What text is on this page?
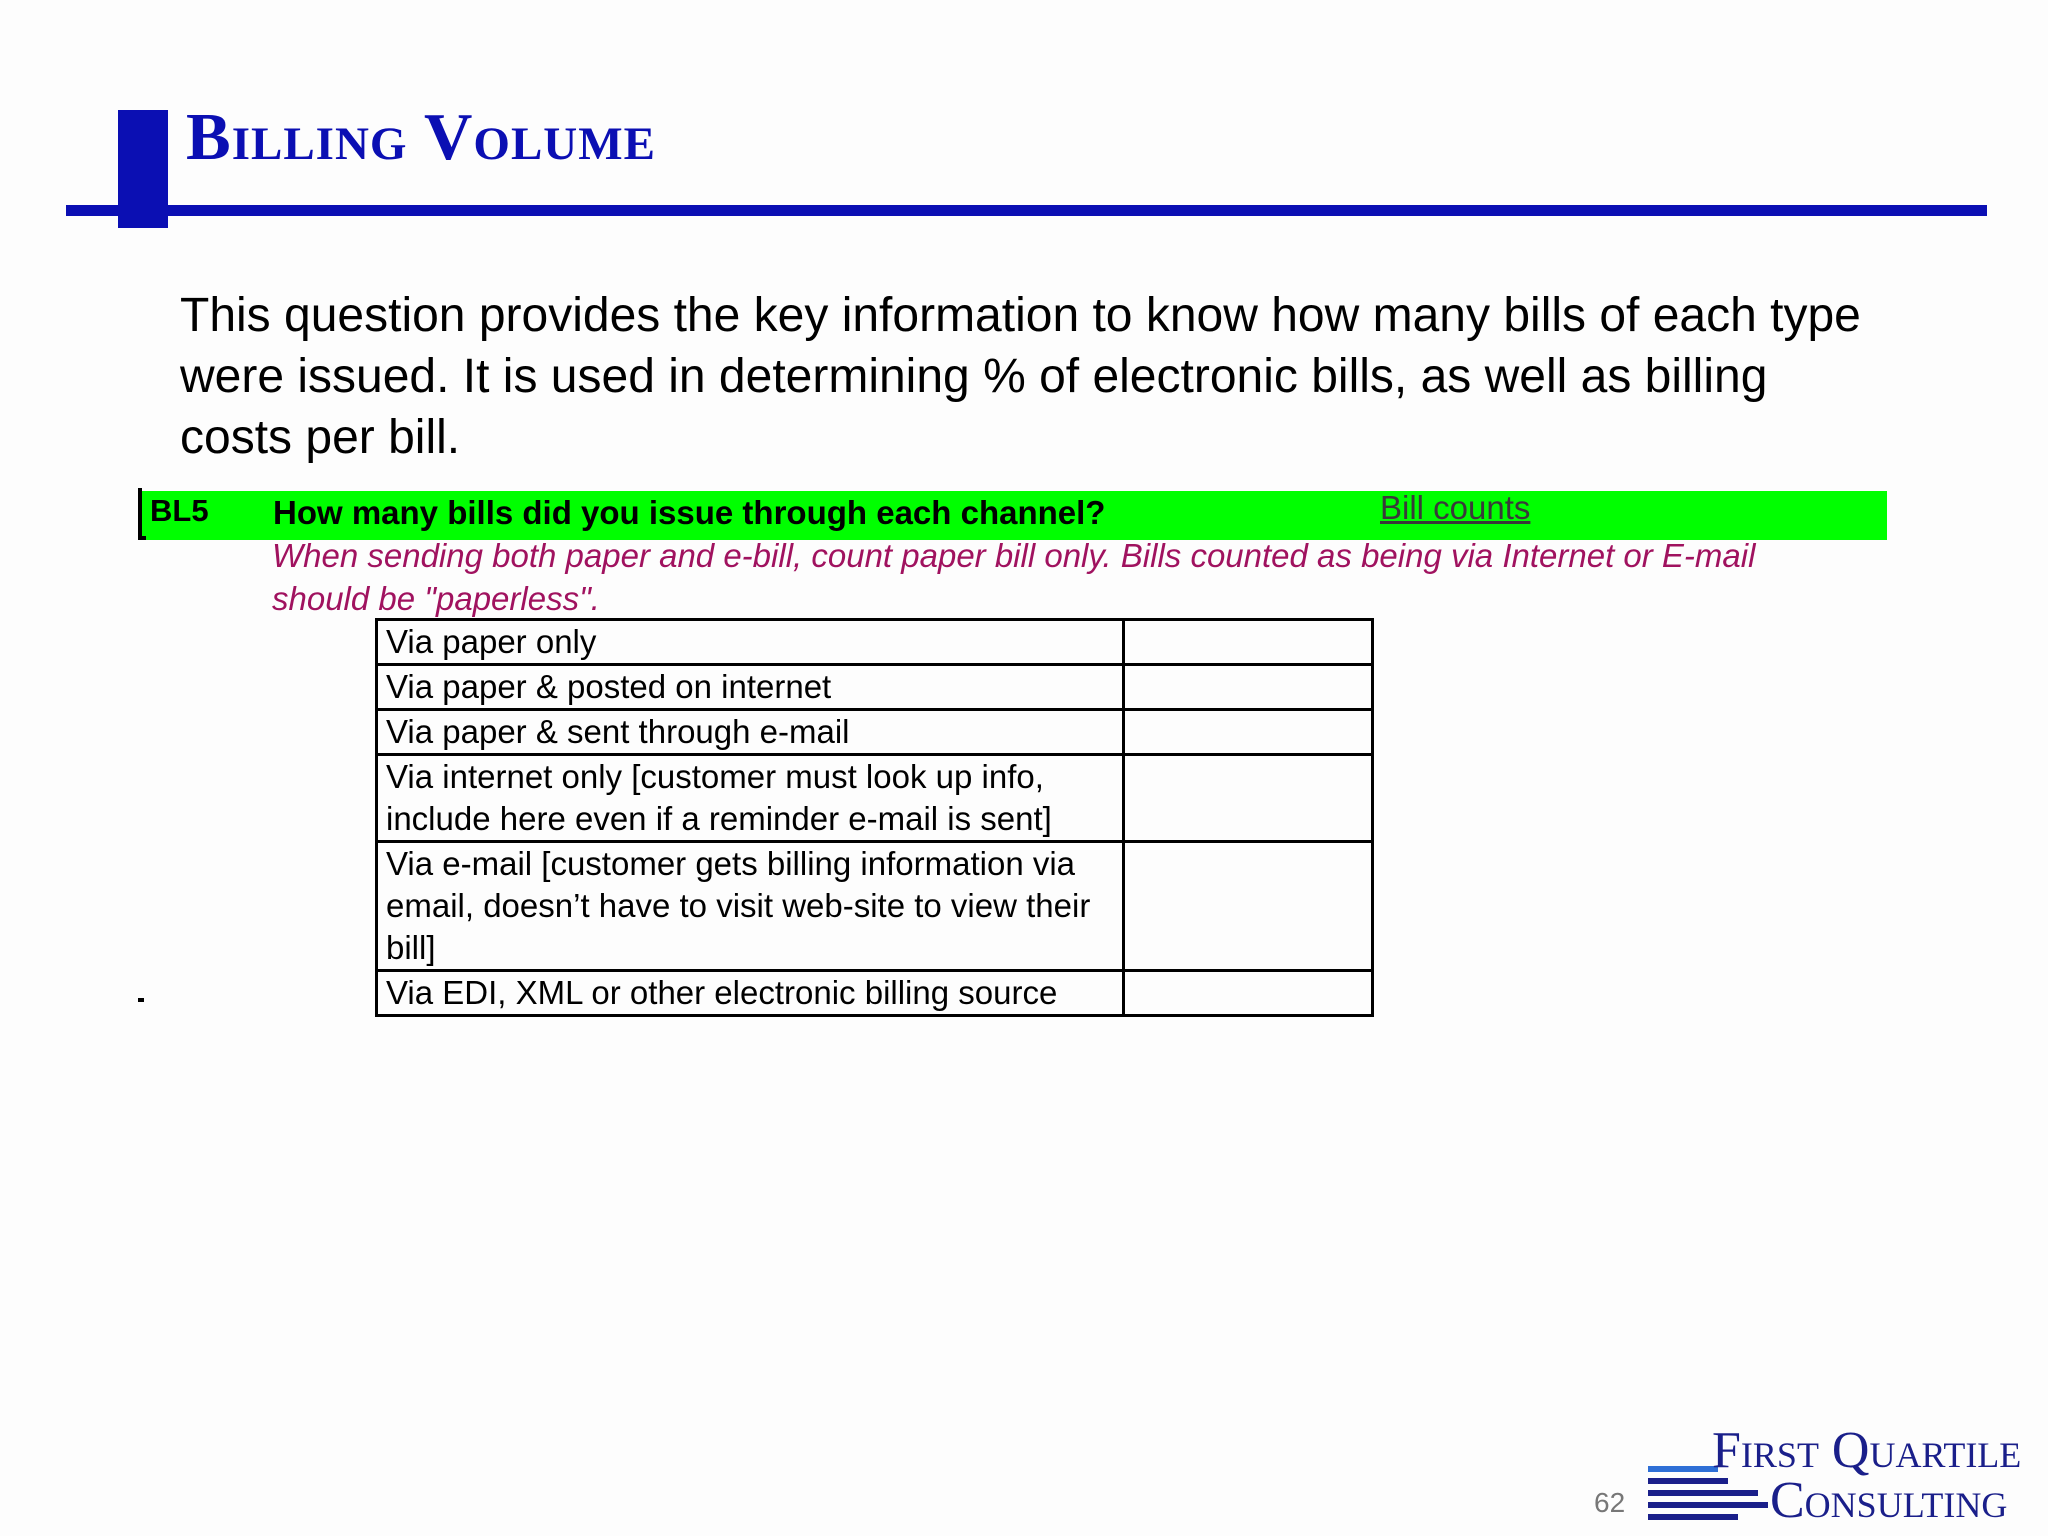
Billing Volume

This question provides the key information to know how many bills of each type were issued. It is used in determining % of electronic bills, as well as billing costs per bill.

BL5 How many bills did you issue through each channel?	Bill counts

When sending both paper and e-bill, count paper bill only. Bills counted as being via Internet or E-mail should be "paperless".

Via paper only	
Via paper & posted on internet	
Via paper & sent through e-mail	
Via internet only [customer must look up info, include here even if a reminder e-mail is sent]	
Via e-mail [customer gets billing information via email, doesn’t have to visit web-site to view their bill]	
Via EDI, XML or other electronic billing source	
62
First Quartile
Consulting
